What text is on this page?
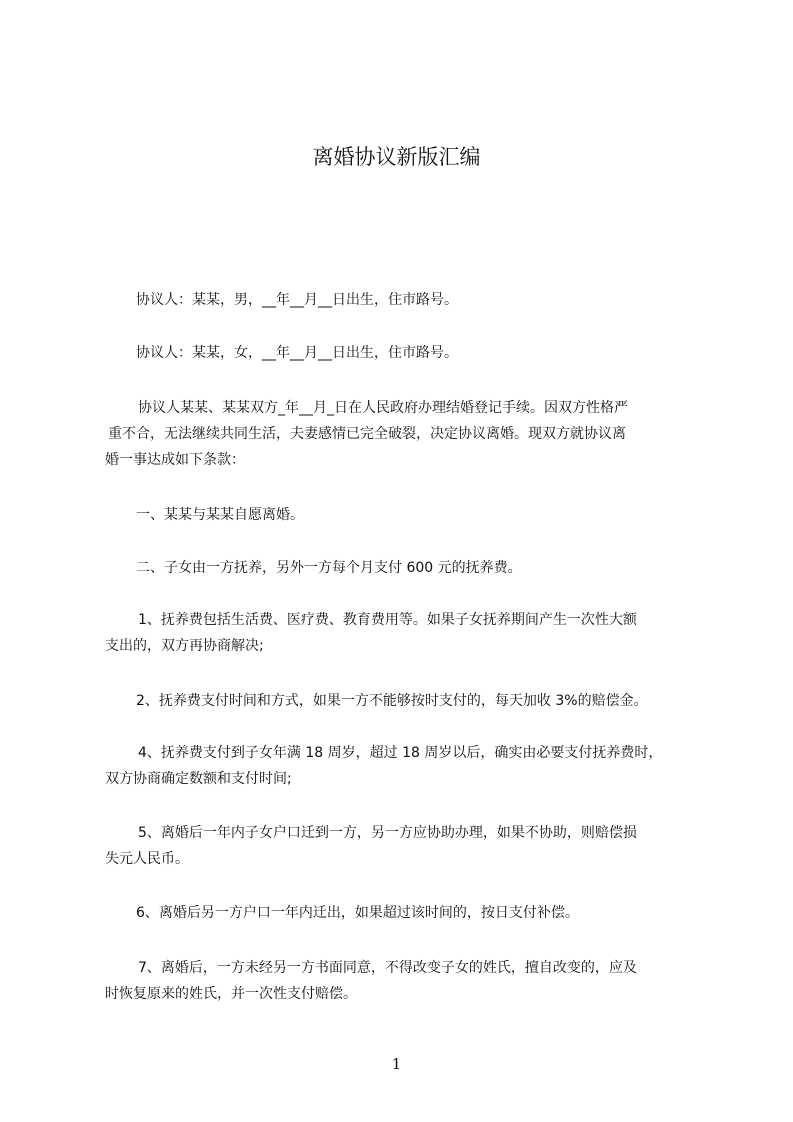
离婚协议新版汇编
协议人：某某，男，__年__月__日出生，住市路号。
协议人：某某，女，__年__月__日出生，住市路号。
协议人某某、某某双方_年__月_日在人民政府办理结婚登记手续。因双方性格严
重不合，无法继续共同生活，夫妻感情已完全破裂，决定协议离婚。现双方就协议离
婚一事达成如下条款：
一、某某与某某自愿离婚。
二、子女由一方抚养，另外一方每个月支付 600 元的抚养费。
1、抚养费包括生活费、医疗费、教育费用等。如果子女抚养期间产生一次性大额
支出的，双方再协商解决;
2、抚养费支付时间和方式，如果一方不能够按时支付的，每天加收 3%的赔偿金。
4、抚养费支付到子女年满 18 周岁，超过 18 周岁以后，确实由必要支付抚养费时，
双方协商确定数额和支付时间;
5、离婚后一年内子女户口迁到一方，另一方应协助办理，如果不协助，则赔偿损
失元人民币。
6、离婚后另一方户口一年内迁出，如果超过该时间的，按日支付补偿。
7、离婚后，一方未经另一方书面同意，不得改变子女的姓氏，擅自改变的，应及
时恢复原来的姓氏，并一次性支付赔偿。
1
